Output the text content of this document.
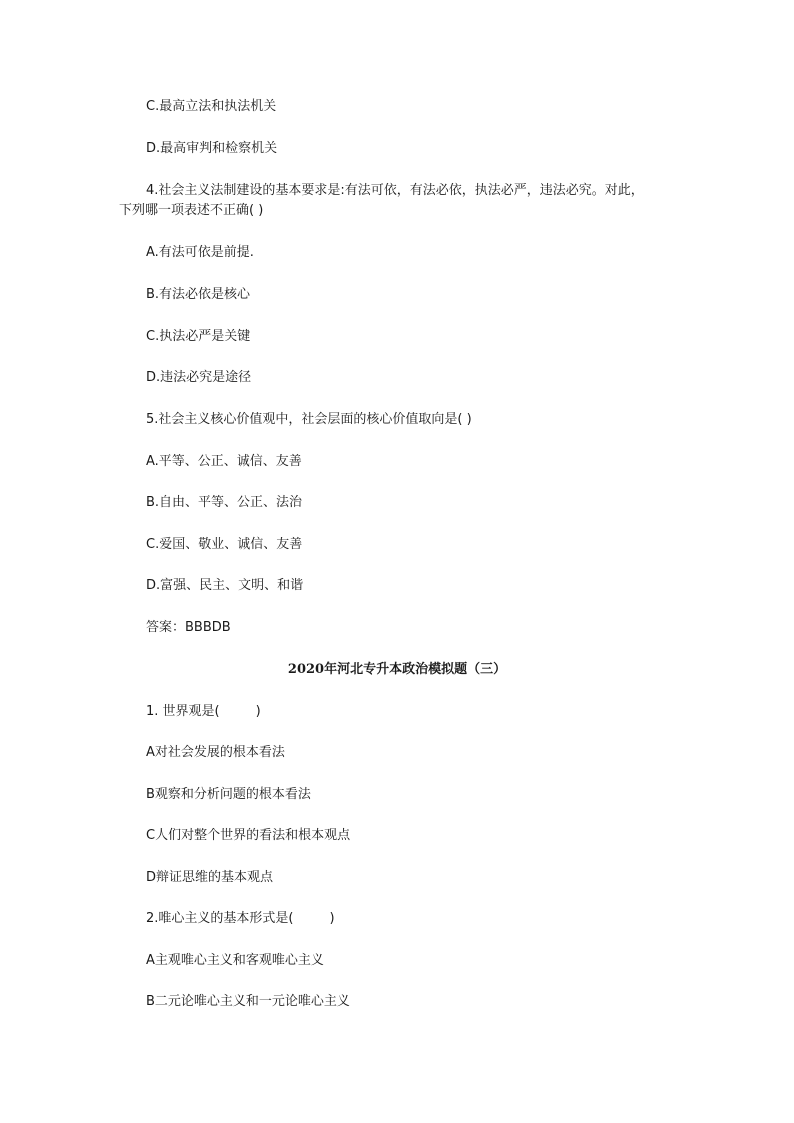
C.最高立法和执法机关
D.最高审判和检察机关
4.社会主义法制建设的基本要求是:有法可依，有法必依，执法必严，违法必究。对此，
下列哪一项表述不正确( )
A.有法可依是前提.
B.有法必依是核心
C.执法必严是关键
D.违法必究是途径
5.社会主义核心价值观中，社会层面的核心价值取向是( )
A.平等、公正、诚信、友善
B.自由、平等、公正、法治
C.爱国、敬业、诚信、友善
D.富强、民主、文明、和谐
答案：BBBDB
2020年河北专升本政治模拟题（三）
1. 世界观是(	)
A对社会发展的根本看法
B观察和分析问题的根本看法
C人们对整个世界的看法和根本观点
D辩证思维的基本观点
2.唯心主义的基本形式是(	)
A主观唯心主义和客观唯心主义
B二元论唯心主义和一元论唯心主义
